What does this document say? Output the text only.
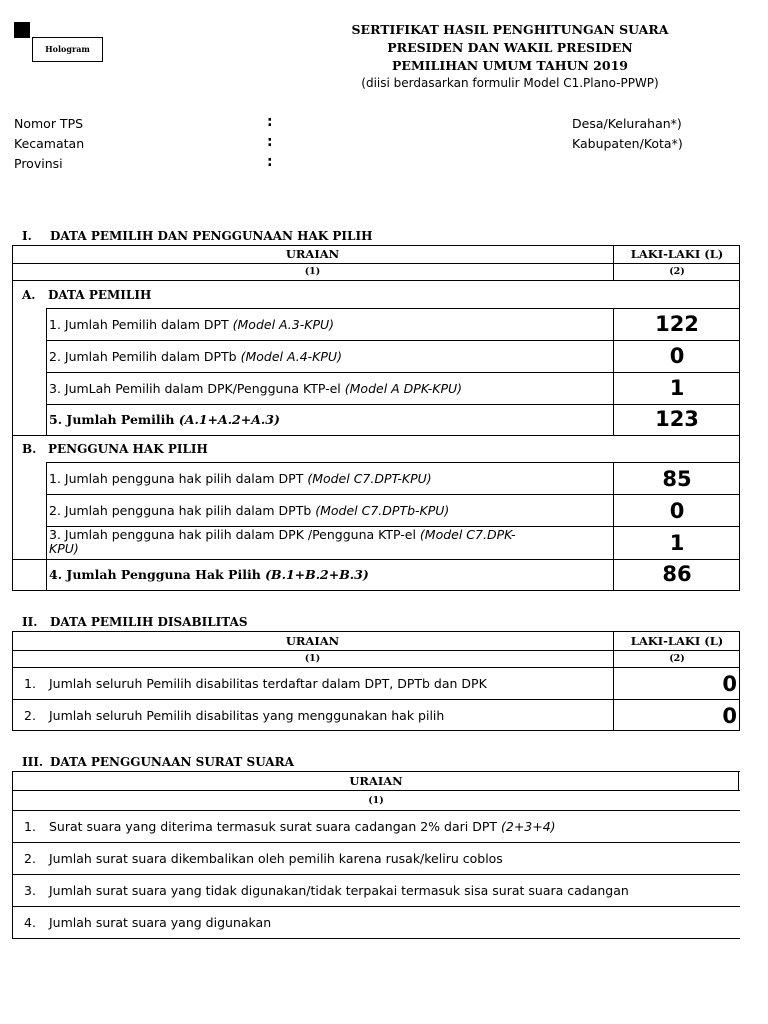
Hologram
SERTIFIKAT HASIL PENGHITUNGAN SUARA
PRESIDEN DAN WAKIL PRESIDEN
PEMILIHAN UMUM TAHUN 2019
(diisi berdasarkan formulir Model C1.Plano-PPWP)
Nomor TPS
Kecamatan
Provinsi
:
:
:
Desa/Kelurahan*)
Kabupaten/Kota*)
I. DATA PEMILIH DAN PENGGUNAAN HAK PILIH
URAIAN	LAKI-LAKI (L)
(1)	(2)
A. DATA PEMILIH
1. Jumlah Pemilih dalam DPT (Model A.3-KPU)	122
2. Jumlah Pemilih dalam DPTb (Model A.4-KPU)	0
3. JumLah Pemilih dalam DPK/Pengguna KTP-el (Model A DPK-KPU)	1
5. Jumlah Pemilih (A.1+A.2+A.3)	123
B. PENGGUNA HAK PILIH
1. Jumlah pengguna hak pilih dalam DPT (Model C7.DPT-KPU)	85
2. Jumlah pengguna hak pilih dalam DPTb (Model C7.DPTb-KPU)	0
3. Jumlah pengguna hak pilih dalam DPK /Pengguna KTP-el (Model C7.DPK-
KPU)	1
4. Jumlah Pengguna Hak Pilih (B.1+B.2+B.3)	86
II. DATA PEMILIH DISABILITAS
URAIAN	LAKI-LAKI (L)
(1)	(2)
1. Jumlah seluruh Pemilih disabilitas terdaftar dalam DPT, DPTb dan DPK	0
2. Jumlah seluruh Pemilih disabilitas yang menggunakan hak pilih	0
III. DATA PENGGUNAAN SURAT SUARA
URAIAN
(1)
1. Surat suara yang diterima termasuk surat suara cadangan 2% dari DPT (2+3+4)
2. Jumlah surat suara dikembalikan oleh pemilih karena rusak/keliru coblos
3. Jumlah surat suara yang tidak digunakan/tidak terpakai termasuk sisa surat suara cadangan
4. Jumlah surat suara yang digunakan
